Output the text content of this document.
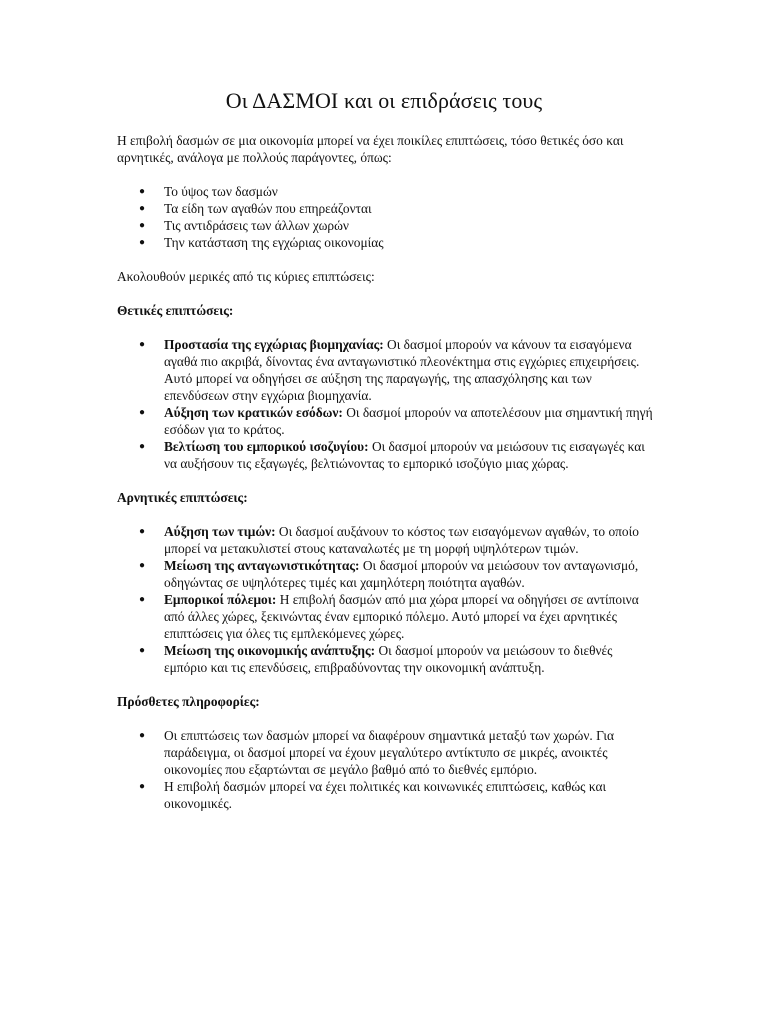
Οι ΔΑΣΜΟΙ και οι επιδράσεις τους

Η επιβολή δασμών σε μια οικονομία μπορεί να έχει ποικίλες επιπτώσεις, τόσο θετικές όσο και αρνητικές, ανάλογα με πολλούς παράγοντες, όπως:

● Το ύψος των δασμών
● Τα είδη των αγαθών που επηρεάζονται
● Τις αντιδράσεις των άλλων χωρών
● Την κατάσταση της εγχώριας οικονομίας

Ακολουθούν μερικές από τις κύριες επιπτώσεις:

Θετικές επιπτώσεις:

● Προστασία της εγχώριας βιομηχανίας: Οι δασμοί μπορούν να κάνουν τα εισαγόμενα αγαθά πιο ακριβά, δίνοντας ένα ανταγωνιστικό πλεονέκτημα στις εγχώριες επιχειρήσεις. Αυτό μπορεί να οδηγήσει σε αύξηση της παραγωγής, της απασχόλησης και των επενδύσεων στην εγχώρια βιομηχανία.
● Αύξηση των κρατικών εσόδων: Οι δασμοί μπορούν να αποτελέσουν μια σημαντική πηγή εσόδων για το κράτος.
● Βελτίωση του εμπορικού ισοζυγίου: Οι δασμοί μπορούν να μειώσουν τις εισαγωγές και να αυξήσουν τις εξαγωγές, βελτιώνοντας το εμπορικό ισοζύγιο μιας χώρας.

Αρνητικές επιπτώσεις:

● Αύξηση των τιμών: Οι δασμοί αυξάνουν το κόστος των εισαγόμενων αγαθών, το οποίο μπορεί να μετακυλιστεί στους καταναλωτές με τη μορφή υψηλότερων τιμών.
● Μείωση της ανταγωνιστικότητας: Οι δασμοί μπορούν να μειώσουν τον ανταγωνισμό, οδηγώντας σε υψηλότερες τιμές και χαμηλότερη ποιότητα αγαθών.
● Εμπορικοί πόλεμοι: Η επιβολή δασμών από μια χώρα μπορεί να οδηγήσει σε αντίποινα από άλλες χώρες, ξεκινώντας έναν εμπορικό πόλεμο. Αυτό μπορεί να έχει αρνητικές επιπτώσεις για όλες τις εμπλεκόμενες χώρες.
● Μείωση της οικονομικής ανάπτυξης: Οι δασμοί μπορούν να μειώσουν το διεθνές εμπόριο και τις επενδύσεις, επιβραδύνοντας την οικονομική ανάπτυξη.

Πρόσθετες πληροφορίες:

● Οι επιπτώσεις των δασμών μπορεί να διαφέρουν σημαντικά μεταξύ των χωρών. Για παράδειγμα, οι δασμοί μπορεί να έχουν μεγαλύτερο αντίκτυπο σε μικρές, ανοικτές οικονομίες που εξαρτώνται σε μεγάλο βαθμό από το διεθνές εμπόριο.
● Η επιβολή δασμών μπορεί να έχει πολιτικές και κοινωνικές επιπτώσεις, καθώς και οικονομικές.
